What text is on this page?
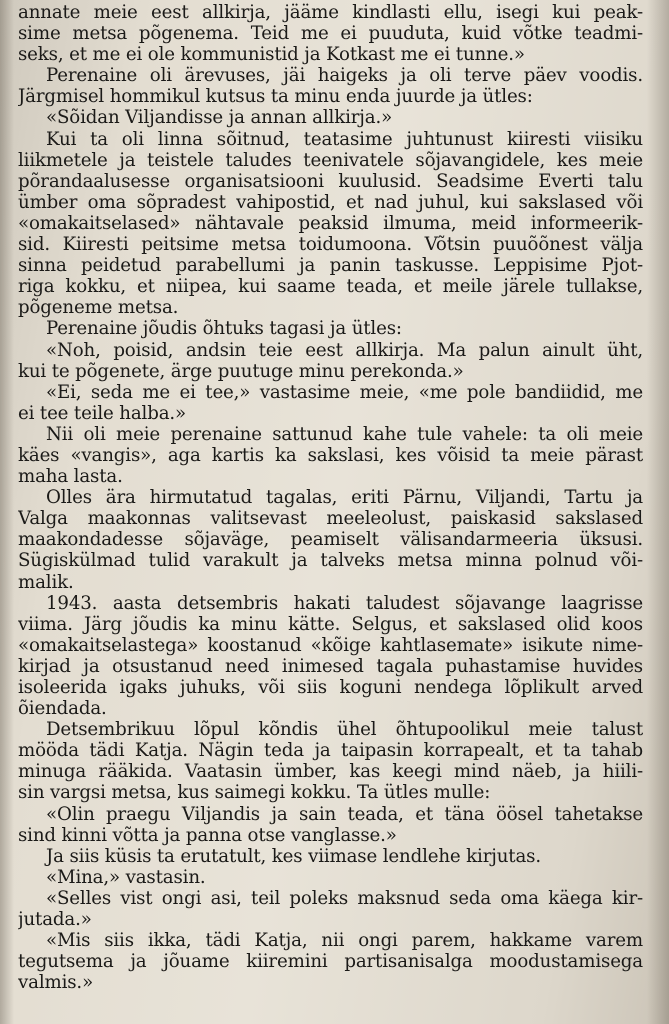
annate meie eest allkirja, jääme kindlasti ellu, isegi kui peak-
sime metsa põgenema. Teid me ei puuduta, kuid võtke teadmi-
seks, et me ei ole kommunistid ja Kotkast me ei tunne.»
Perenaine oli ärevuses, jäi haigeks ja oli terve päev voodis.
Järgmisel hommikul kutsus ta minu enda juurde ja ütles:
«Sõidan Viljandisse ja annan allkirja.»
Kui ta oli linna sõitnud, teatasime juhtunust kiiresti viisiku
liikmetele ja teistele taludes teenivatele sõjavangidele, kes meie
põrandaalusesse organisatsiooni kuulusid. Seadsime Everti talu
ümber oma sõpradest vahipostid, et nad juhul, kui sakslased või
«omakaitselased» nähtavale peaksid ilmuma, meid informeerik-
sid. Kiiresti peitsime metsa toidumoona. Võtsin puuõõnest välja
sinna peidetud parabellumi ja panin taskusse. Leppisime Pjot-
riga kokku, et niipea, kui saame teada, et meile järele tullakse,
põgeneme metsa.
Perenaine jõudis õhtuks tagasi ja ütles:
«Noh, poisid, andsin teie eest allkirja. Ma palun ainult üht,
kui te põgenete, ärge puutuge minu perekonda.»
«Ei, seda me ei tee,» vastasime meie, «me pole bandiidid, me
ei tee teile halba.»
Nii oli meie perenaine sattunud kahe tule vahele: ta oli meie
käes «vangis», aga kartis ka sakslasi, kes võisid ta meie pärast
maha lasta.
Olles ära hirmutatud tagalas, eriti Pärnu, Viljandi, Tartu ja
Valga maakonnas valitsevast meeleolust, paiskasid sakslased
maakondadesse sõjaväge, peamiselt välisandarmeeria üksusi.
Sügiskülmad tulid varakult ja talveks metsa minna polnud või-
malik.
1943. aasta detsembris hakati taludest sõjavange laagrisse
viima. Järg jõudis ka minu kätte. Selgus, et sakslased olid koos
«omakaitselastega» koostanud «kõige kahtlasemate» isikute nime-
kirjad ja otsustanud need inimesed tagala puhastamise huvides
isoleerida igaks juhuks, või siis koguni nendega lõplikult arved
õiendada.
Detsembrikuu lõpul kõndis ühel õhtupoolikul meie talust
mööda tädi Katja. Nägin teda ja taipasin korrapealt, et ta tahab
minuga rääkida. Vaatasin ümber, kas keegi mind näeb, ja hiili-
sin vargsi metsa, kus saimegi kokku. Ta ütles mulle:
«Olin praegu Viljandis ja sain teada, et täna öösel tahetakse
sind kinni võtta ja panna otse vanglasse.»
Ja siis küsis ta erutatult, kes viimase lendlehe kirjutas.
«Mina,» vastasin.
«Selles vist ongi asi, teil poleks maksnud seda oma käega kir-
jutada.»
«Mis siis ikka, tädi Katja, nii ongi parem, hakkame varem
tegutsema ja jõuame kiiremini partisanisalga moodustamisega
valmis.»
